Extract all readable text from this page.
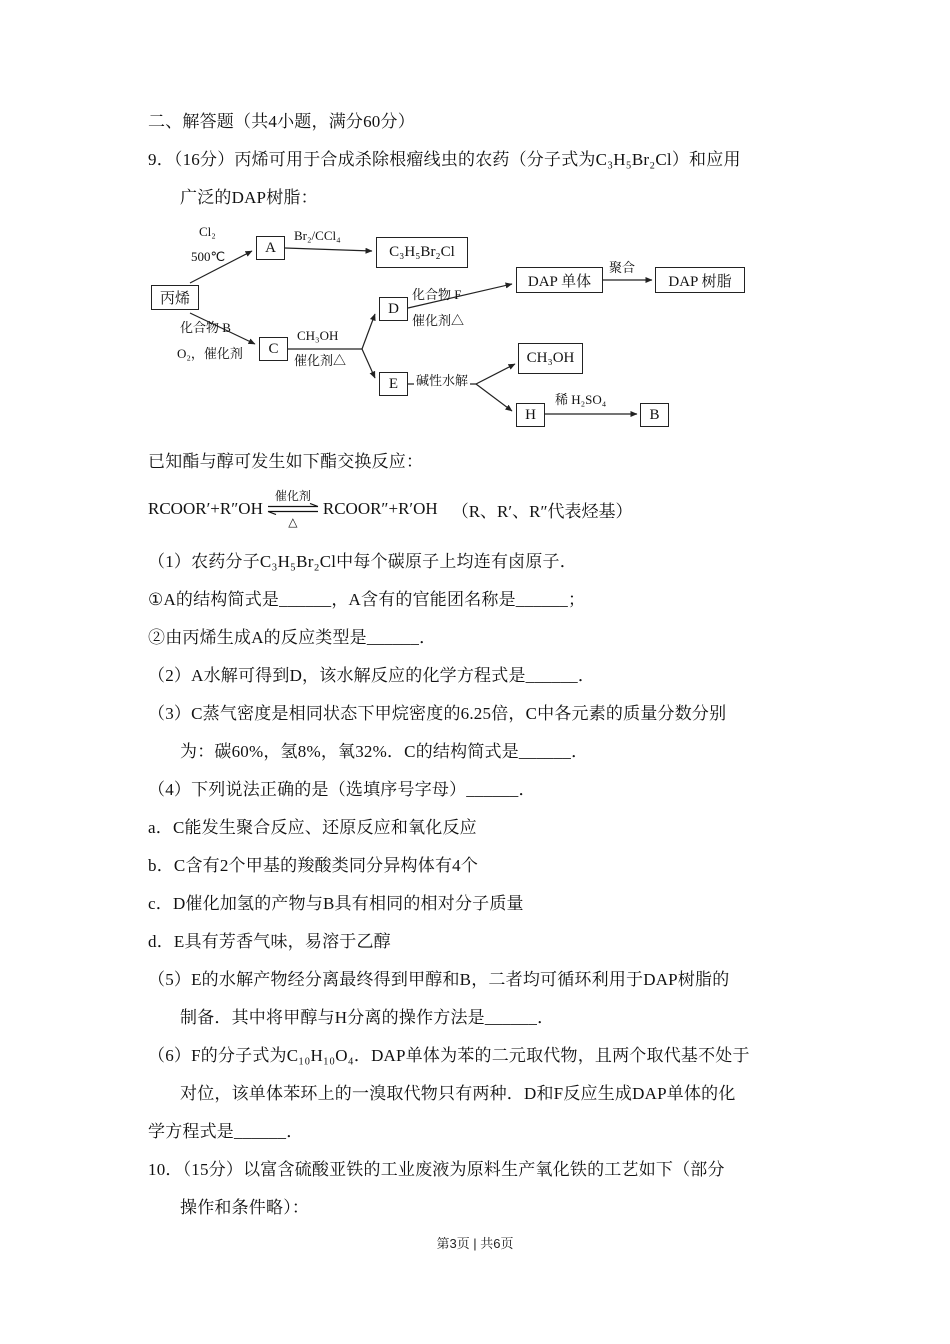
二、解答题（共4小题，满分60分）
9．（16分）丙烯可用于合成杀除根瘤线虫的农药（分子式为C₃H₅Br₂Cl）和应用
广泛的DAP树脂：
丙烯
A	C₃H₅Br₂Cl
C
D
E
DAP 单体	DAP 树脂
CH₃OH
H	B
Cl₂
500℃
Br₂/CCl₄
化合物 B
O₂，催化剂
CH₃OH
催化剂△
化合物 F
催化剂△
聚合
碱性水解
稀 H₂SO₄
已知酯与醇可发生如下酯交换反应：
RCOOR′+R″OH
催化剂
△
RCOOR″+R′OH （R、R′、R″代表烃基）
（1）农药分子C₃H₅Br₂Cl中每个碳原子上均连有卤原子．
①A的结构简式是______，A含有的官能团名称是______；
②由丙烯生成A的反应类型是______．
（2）A水解可得到D，该水解反应的化学方程式是______．
（3）C蒸气密度是相同状态下甲烷密度的6.25倍，C中各元素的质量分数分别
为：碳60%，氢8%，氧32%．C的结构简式是______．
（4）下列说法正确的是（选填序号字母）______．
a．C能发生聚合反应、还原反应和氧化反应
b．C含有2个甲基的羧酸类同分异构体有4个
c．D催化加氢的产物与B具有相同的相对分子质量
d．E具有芳香气味，易溶于乙醇
（5）E的水解产物经分离最终得到甲醇和B，二者均可循环利用于DAP树脂的
制备．其中将甲醇与H分离的操作方法是______．
（6）F的分子式为C₁₀H₁₀O₄．DAP单体为苯的二元取代物，且两个取代基不处于
对位，该单体苯环上的一溴取代物只有两种．D和F反应生成DAP单体的化
学方程式是______．
10．（15分）以富含硫酸亚铁的工业废液为原料生产氧化铁的工艺如下（部分
操作和条件略）：
第3页 | 共6页
